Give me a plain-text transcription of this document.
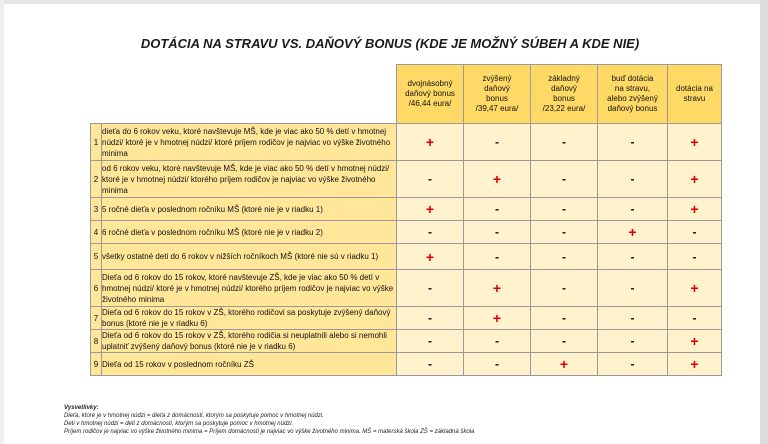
DOTÁCIA NA STRAVU VS. DAŇOVÝ BONUS (KDE JE MOŽNÝ SÚBEH A KDE NIE)

		dvojnásobný
daňový bonus
/46,44 eura/	zvýšený
daňový
bonus
/39,47 eura/	základný
daňový
bonus
/23,22 eura/	buď dotácia
na stravu,
alebo zvýšený
daňový bonus	dotácia na
stravu

1	dieťa do 6 rokov veku, ktoré navštevuje MŠ, kde je viac ako 50 % detí v hmotnej núdzi/ ktoré je v hmotnej núdzi/ ktoré príjem rodičov je najviac vo výške životného minima	+	-	-	-	+
2	od 6 rokov veku, ktoré navštevuje MŠ, kde je viac ako 50 % detí v hmotnej núdzi/ ktoré je v hmotnej núdzi/ ktorého príjem rodičov je najviac vo výške životného minima	-	+	-	-	+
3	5 ročné dieťa v poslednom ročníku MŠ (ktoré nie je v riadku 1)	+	-	-	-	+
4	6 ročné dieťa v poslednom ročníku MŠ (ktoré nie je v riadku 2)	-	-	-	+	-
5	všetky ostatné deti do 6 rokov v nižších ročníkoch MŠ (ktoré nie sú v riadku 1)	+	-	-	-	-
6	Dieťa od 6 rokov do 15 rokov, ktoré navštevuje ZŠ, kde je viac ako 50 % detí v hmotnej núdzi/ ktoré je v hmotnej núdzi/ ktorého príjem rodičov je najviac vo výške životného minima	-	+	-	-	+
7	Dieťa od 6 rokov do 15 rokov v ZŠ, ktorého rodičovi sa poskytuje zvýšený daňový bonus (ktoré nie je v riadku 6)	-	+	-	-	-
8	Dieťa od 6 rokov do 15 rokov v ZŠ, ktorého rodičia si neuplatnili alebo si nemohli uplatniť zvýšený daňový bonus (ktoré nie je v riadku 6)	-	-	-	-	+
9	Dieťa od 15 rokov v poslednom ročníku ZŠ	-	-	+	-	+
Vysvetlivky:
Dieťa, ktoré je v hmotnej núdzi = dieťa z domácnosti, ktorým sa poskytuje pomoc v hmotnej núdzi.
Deti v hmotnej núdzi = deti z domácnosti, ktorým sa poskytuje pomoc v hmotnej núdzi.
Príjem rodičov je najviac vo výške životného minima = Príjem domácnosti je najviac vo výške životného minima. MŠ = materská škola ZŠ = základná škola
